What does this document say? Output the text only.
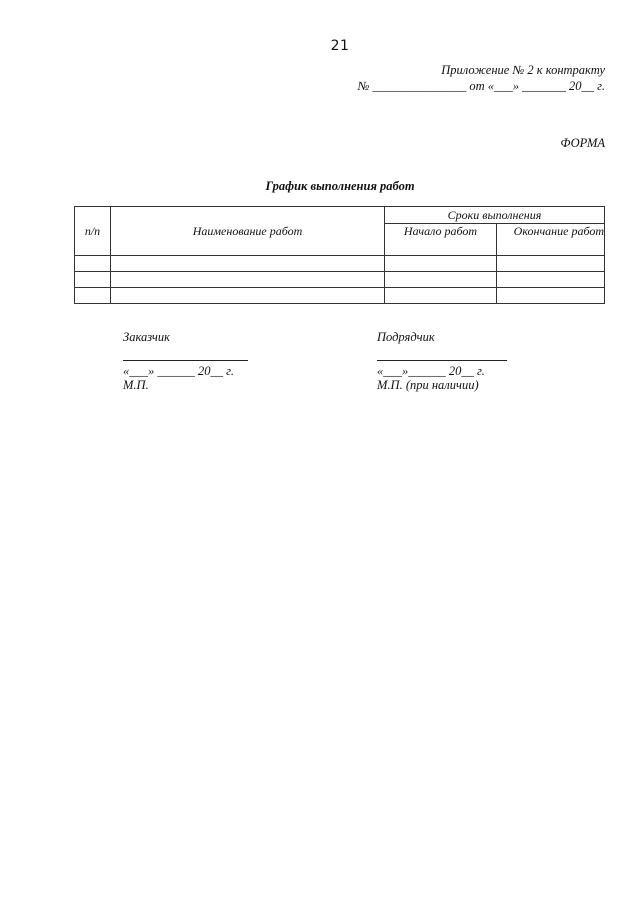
21
Приложение № 2 к контракту
№ _______________ от «___» _______ 20__ г.
ФОРМА
График выполнения работ
п/п	Наименование работ	Сроки выполнения	
		Начало работ	Окончание работ

Заказчик
«___» ______ 20__ г.
М.П.
Подрядчик
«___»______ 20__ г.
М.П. (при наличии)
